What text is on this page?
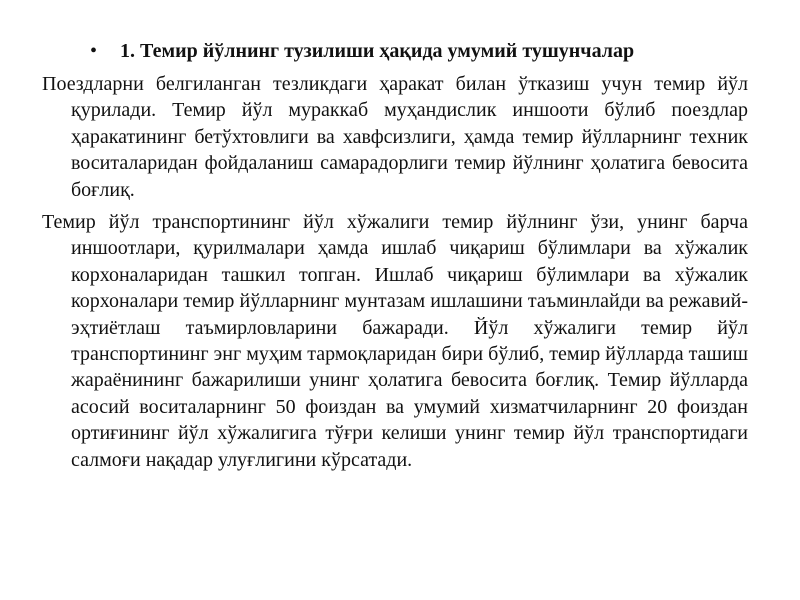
• 1. Темир йўлнинг тузилиши ҳақида умумий тушунчалар

Поездларни белгиланган тезликдаги ҳаракат билан ўтказиш учун темир йўл қурилади. Темир йўл мураккаб муҳандислик иншооти бўлиб поездлар ҳаракатининг бетўхтовлиги ва хавфсизлиги, ҳамда темир йўлларнинг техник воситаларидан фойдаланиш самарадорлиги темир йўлнинг ҳолатига бевосита боғлиқ.

Темир йўл транспортининг йўл хўжалиги темир йўлнинг ўзи, унинг барча иншоотлари, қурилмалари ҳамда ишлаб чиқариш бўлимлари ва хўжалик корхоналаридан ташкил топган. Ишлаб чиқариш бўлимлари ва хўжалик корхоналари темир йўлларнинг мунтазам ишлашини таъминлайди ва режавий-эҳтиётлаш таъмирловларини бажаради. Йўл хўжалиги темир йўл транспортининг энг муҳим тармоқларидан бири бўлиб, темир йўлларда ташиш жараёнининг бажарилиши унинг ҳолатига бевосита боғлиқ. Темир йўлларда асосий воситаларнинг 50 фоиздан ва умумий хизматчиларнинг 20 фоиздан ортиғининг йўл хўжалигига тўғри келиши унинг темир йўл транспортидаги салмоғи нақадар улуғлигини кўрсатади.
